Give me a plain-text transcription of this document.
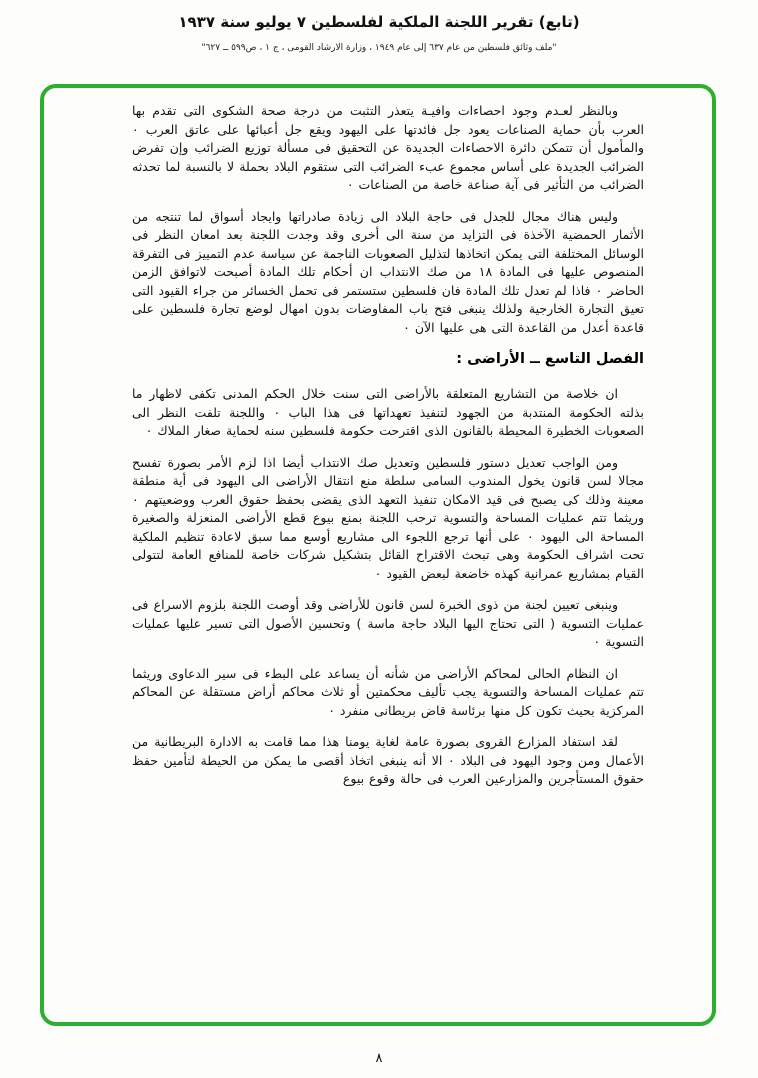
(تابع) تقرير اللجنة الملكية لفلسطين ٧ يوليو سنة ١٩٣٧
"ملف وثائق فلسطين من عام ٦٣٧ إلى عام ١٩٤٩ ، وزارة الارشاد القومى ، ج ١ ، ص٥٩٩ ــ ٦٢٧"

وبالنظر لعـدم وجود احصاءات وافيـة يتعذر التثبت من درجة صحة الشكوى التى تقدم بها العرب بأن حماية الصناعات يعود جل فائدتها على اليهود ويقع جل أعبائها على عاتق العرب ٠ والمأمول أن تتمكن دائرة الاحصاءات الجديدة عن التحقيق فى مسألة توزيع الضرائب وإن تفرض الضرائب الجديدة على أساس مجموع عبء الضرائب التى ستقوم البلاد بحملة لا بالنسبة لما تحدثه الضرائب من التأثير فى آية صناعة خاصة من الصناعات ٠

وليس هناك مجال للجدل فى حاجة البلاد الى زيادة صادراتها وايجاد أسواق لما تنتجه من الأثمار الحمضية الآخذة فى التزايد من سنة الى أخرى وقد وجدت اللجنة بعد امعان النظر فى الوسائل المختلفة التى يمكن اتخاذها لتذليل الصعوبات الناجمة عن سياسة عدم التمييز فى التفرقة المنصوص عليها فى المادة ١٨ من صك الانتداب ان أحكام تلك المادة أصبحت لاتوافق الزمن الحاضر ٠ فاذا لم تعدل تلك المادة فان فلسطين ستستمر فى تحمل الخسائر من جراء القيود التى تعيق التجارة الخارجية ولذلك ينبغى فتح باب المفاوضات بدون امهال لوضع تجارة فلسطين على قاعدة أعدل من القاعدة التى هى عليها الآن ٠

الفصل التاسع ــ الأراضى :

ان خلاصة من التشاريع المتعلقة بالأراضى التى سنت خلال الحكم المدنى تكفى لاظهار ما بذلته الحكومة المنتدبة من الجهود لتنفيذ تعهداتها فى هذا الباب ٠ واللجنة تلفت النظر الى الصعوبات الخطيرة المحيطة بالقانون الذى اقترحت حكومة فلسطين سنه لحماية صغار الملاك ٠

ومن الواجب تعديل دستور فلسطين وتعديل صك الانتداب أيضا اذا لزم الأمر بصورة تفسح مجالا لسن قانون يخول المندوب السامى سلطة منع انتقال الأراضى الى اليهود فى أية منطقة معينة وذلك كى يصبح فى قيد الامكان تنفيذ التعهد الذى يقضى بحفظ حقوق العرب ووضعيتهم ٠ وريثما تتم عمليات المساحة والتسوية ترحب اللجنة بمنع بيوع قطع الأراضى المنعزلة والصغيرة المساحة الى اليهود ٠ على أنها ترجع اللجوء الى مشاريع أوسع مما سبق لاعادة تنظيم الملكية تحت اشراف الحكومة وهى تبحث الاقتراح القائل بتشكيل شركات خاصة للمنافع العامة لتتولى القيام بمشاريع عمرانية كهذه خاضعة لبعض القيود ٠

وينبغى تعيين لجنة من ذوى الخبرة لسن قانون للأراضى وقد أوصت اللجنة بلزوم الاسراع فى عمليات التسوية ( التى تحتاج اليها البلاد حاجة ماسة ) وتحسين الأصول التى تسير عليها عمليات التسوية ٠

ان النظام الحالى لمحاكم الأراضى من شأنه أن يساعد على البطء فى سير الدعاوى وريثما تتم عمليات المساحة والتسوية يجب تأليف محكمتين أو ثلاث محاكم أراض مستقلة عن المحاكم المركزية بحيث تكون كل منها برئاسة قاض بريطانى منفرد ٠

لقد استفاد المزارع القروى بصورة عامة لغاية يومنا هذا مما قامت به الادارة البريطانية من الأعمال ومن وجود اليهود فى البلاد ٠ الا أنه ينبغى اتخاذ أقصى ما يمكن من الحيطة لتأمين حفظ حقوق المستأجرين والمزارعين العرب فى حالة وقوع بيوع

٨
